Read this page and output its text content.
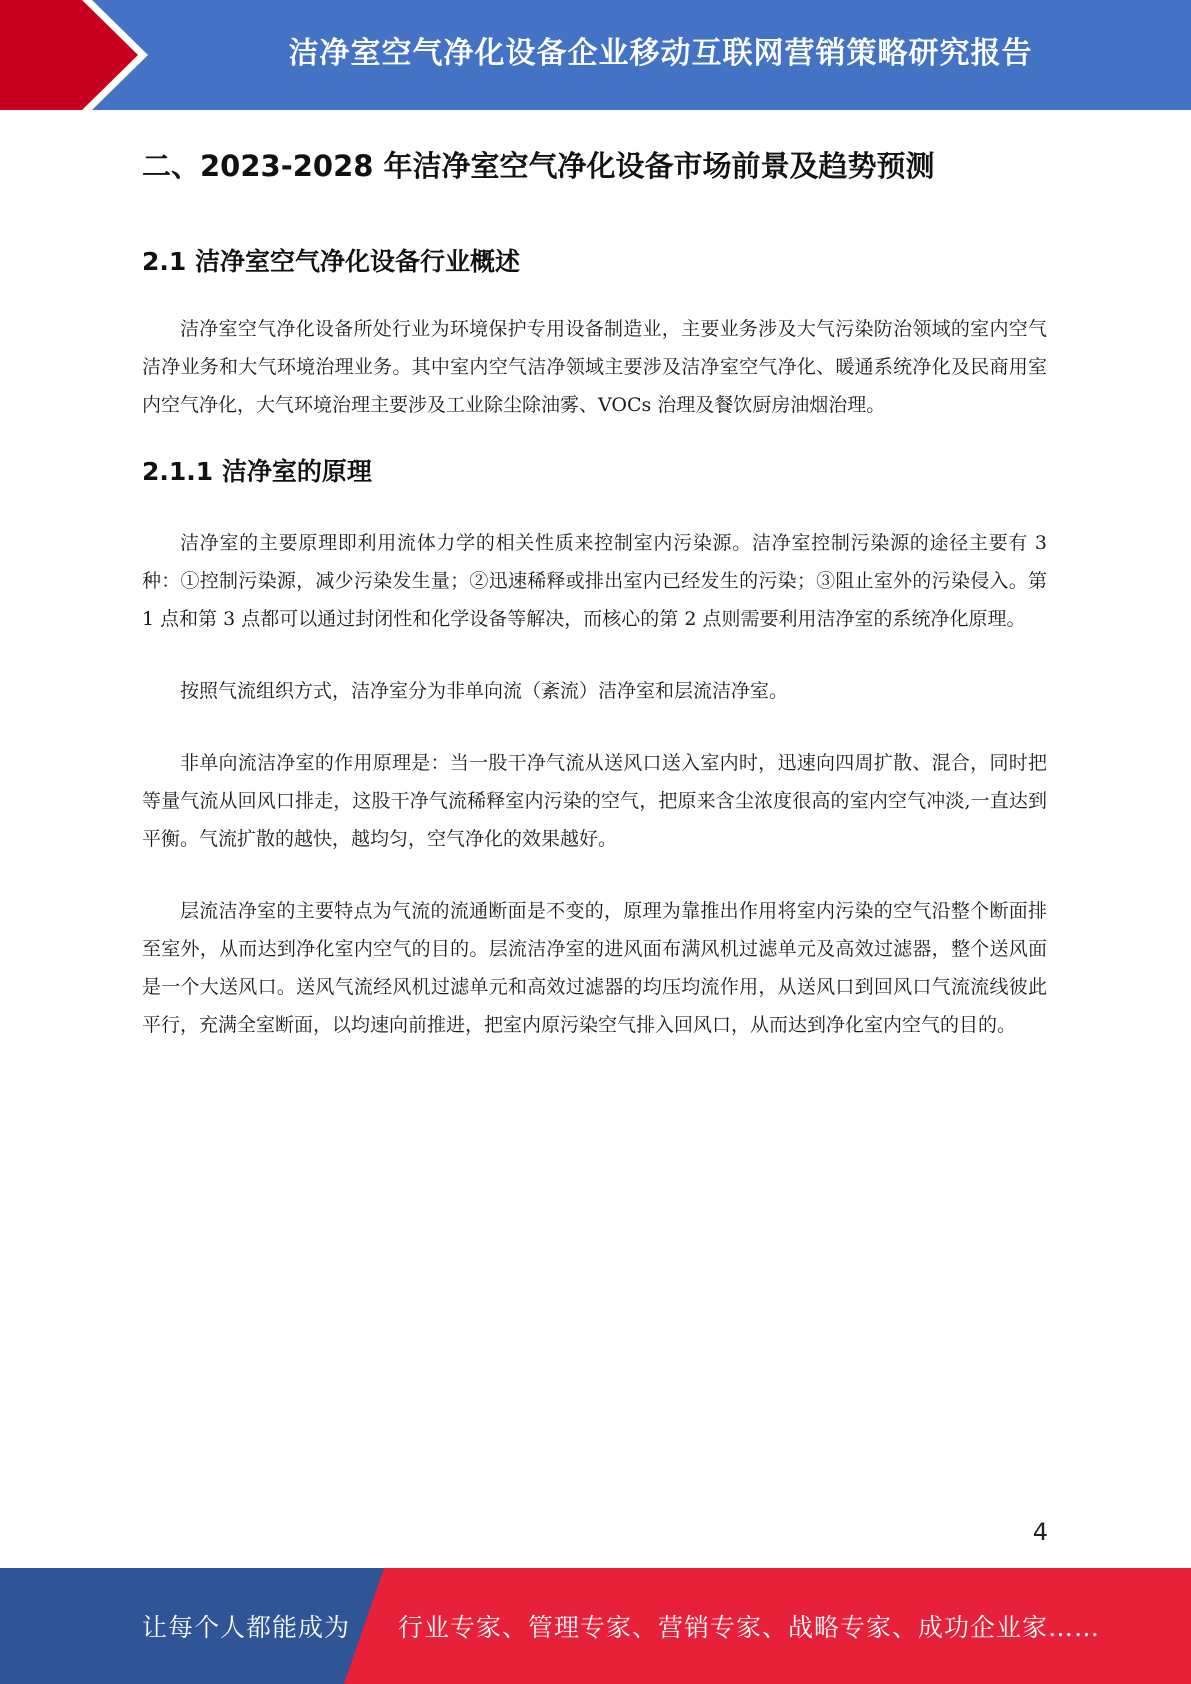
洁净室空气净化设备企业移动互联网营销策略研究报告
二、2023-2028 年洁净室空气净化设备市场前景及趋势预测
2.1 洁净室空气净化设备行业概述

洁净室空气净化设备所处行业为环境保护专用设备制造业，主要业务涉及大气污染防治领域的室内空气洁净业务和大气环境治理业务。其中室内空气洁净领域主要涉及洁净室空气净化、暖通系统净化及民商用室内空气净化，大气环境治理主要涉及工业除尘除油雾、VOCs 治理及餐饮厨房油烟治理。

2.1.1 洁净室的原理

洁净室的主要原理即利用流体力学的相关性质来控制室内污染源。洁净室控制污染源的途径主要有 3 种：①控制污染源，减少污染发生量；②迅速稀释或排出室内已经发生的污染；③阻止室外的污染侵入。第 1 点和第 3 点都可以通过封闭性和化学设备等解决，而核心的第 2 点则需要利用洁净室的系统净化原理。

按照气流组织方式，洁净室分为非单向流（紊流）洁净室和层流洁净室。

非单向流洁净室的作用原理是：当一股干净气流从送风口送入室内时，迅速向四周扩散、混合，同时把等量气流从回风口排走，这股干净气流稀释室内污染的空气，把原来含尘浓度很高的室内空气冲淡,一直达到平衡。气流扩散的越快，越均匀，空气净化的效果越好。

层流洁净室的主要特点为气流的流通断面是不变的，原理为靠推出作用将室内污染的空气沿整个断面排至室外，从而达到净化室内空气的目的。层流洁净室的进风面布满风机过滤单元及高效过滤器，整个送风面是一个大送风口。送风气流经风机过滤单元和高效过滤器的均压均流作用，从送风口到回风口气流流线彼此平行，充满全室断面，以均速向前推进，把室内原污染空气排入回风口，从而达到净化室内空气的目的。

4
让每个人都能成为 行业专家、管理专家、营销专家、战略专家、成功企业家……
